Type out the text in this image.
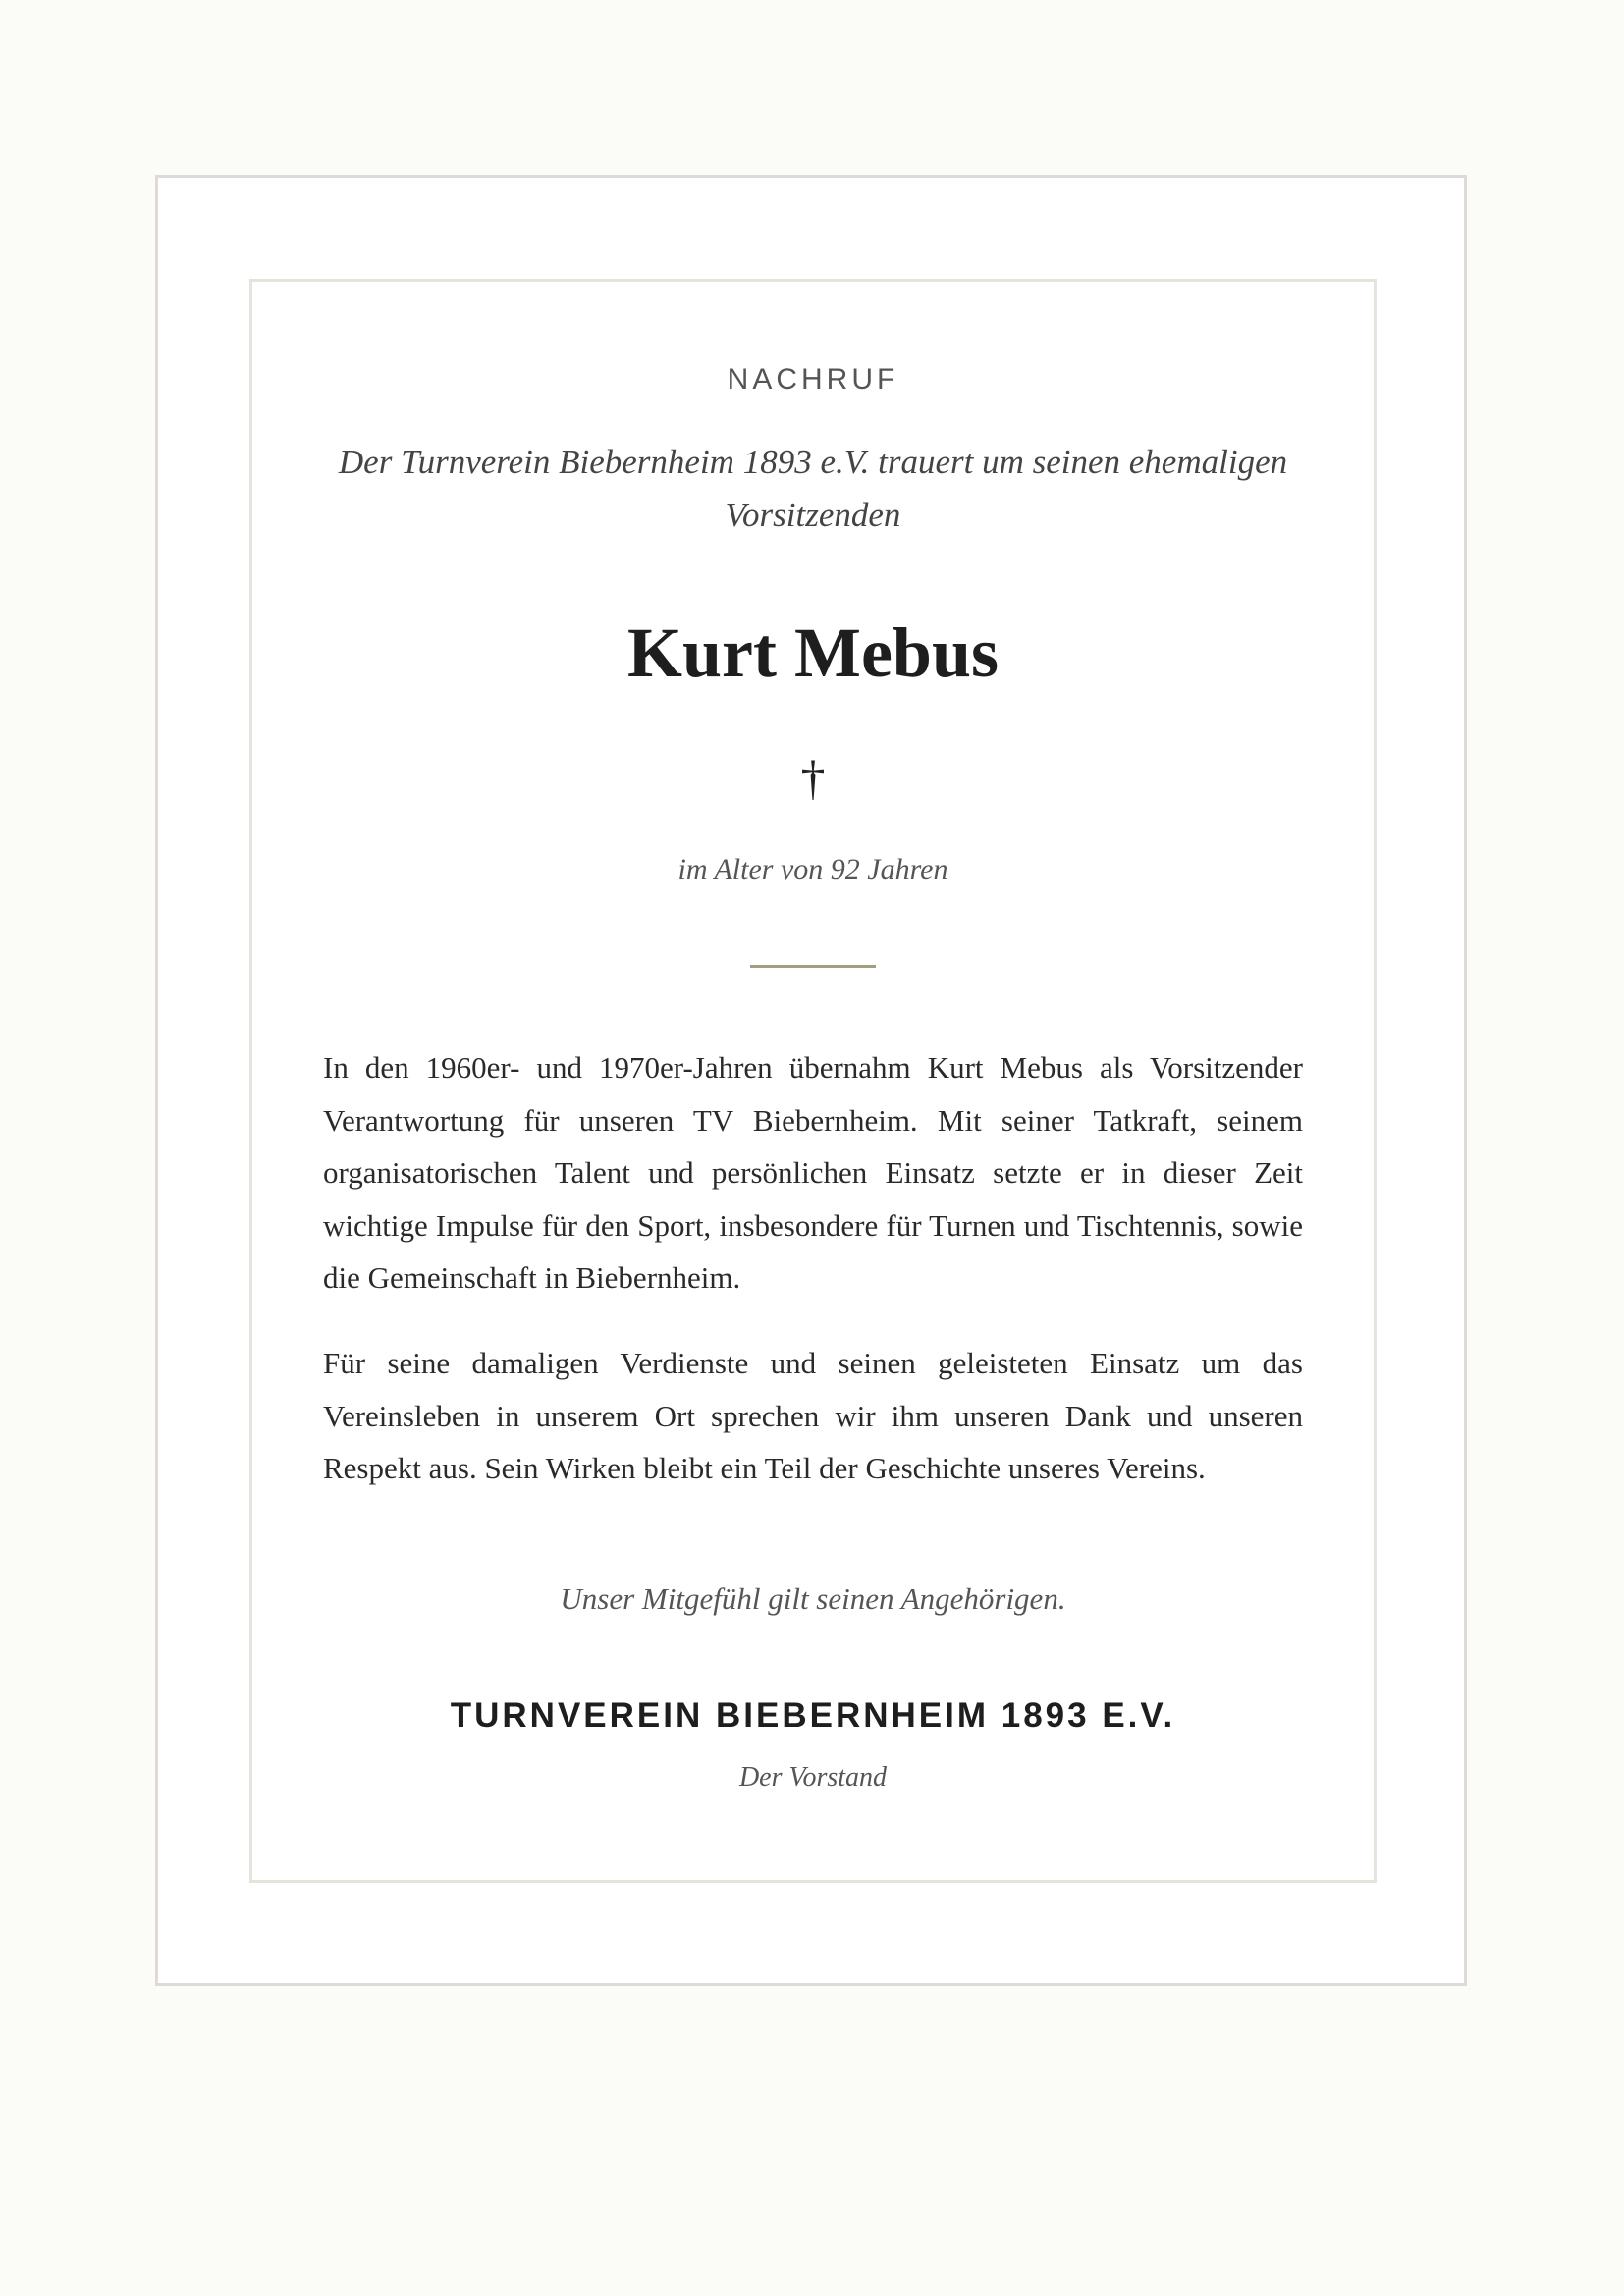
NACHRUF
Der Turnverein Biebernheim 1893 e.V. trauert um seinen ehemaligen Vorsitzenden
Kurt Mebus
†
im Alter von 92 Jahren
In den 1960er- und 1970er-Jahren übernahm Kurt Mebus als Vorsitzender Verantwortung für unseren TV Biebernheim. Mit seiner Tatkraft, seinem organisatorischen Talent und persönlichen Einsatz setzte er in dieser Zeit wichtige Impulse für den Sport, insbesondere für Turnen und Tischtennis, sowie die Gemeinschaft in Biebernheim.
Für seine damaligen Verdienste und seinen geleisteten Einsatz um das Vereinsleben in unserem Ort sprechen wir ihm unseren Dank und unseren Respekt aus. Sein Wirken bleibt ein Teil der Geschichte unseres Vereins.
Unser Mitgefühl gilt seinen Angehörigen.
TURNVEREIN BIEBERNHEIM 1893 E.V.
Der Vorstand
